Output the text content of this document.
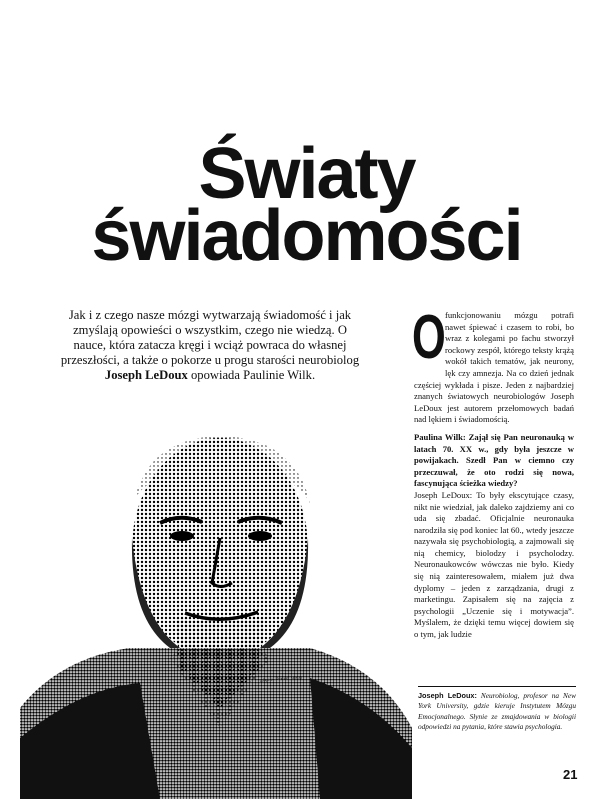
Światy
świadomości
Jak i z czego nasze mózgi wytwarzają świadomość i jak zmyślają opowieści o wszystkim, czego nie wiedzą. O nauce, która zatacza kręgi i wciąż powraca do własnej przeszłości, a także o pokorze u progu starości neurobiolog Joseph LeDoux opowiada Paulinie Wilk.
zdjęcie: Dariusz Streba
O funkcjonowaniu mózgu potrafi nawet śpiewać i czasem to robi, bo wraz z kolegami po fachu stworzył rockowy zespół, którego teksty krążą wokół takich tematów, jak neurony, lęk czy amnezja. Na co dzień jednak częściej wykłada i pisze. Jeden z najbardziej znanych światowych neurobiologów Joseph LeDoux jest autorem przełomowych badań nad lękiem i świadomością.

Paulina Wilk: Zajął się Pan neuronauką w latach 70. XX w., gdy była jeszcze w powijakach. Szedł Pan w ciemno czy przeczuwał, że oto rodzi się nowa, fascynująca ścieżka wiedzy?

Joseph LeDoux: To były ekscytujące czasy, nikt nie wiedział, jak daleko zajdziemy ani co uda się zbadać. Oficjalnie neuronauka narodziła się pod koniec lat 60., wtedy jeszcze nazywała się psychobiologią, a zajmowali się nią chemicy, biolodzy i psycholodzy. Neuronaukowców wówczas nie było. Kiedy się nią zainteresowałem, miałem już dwa dyplomy – jeden z zarządzania, drugi z marketingu. Zapisałem się na zajęcia z psychologii „Uczenie się i motywacja”. Myślałem, że dzięki temu więcej dowiem się o tym, jak ludzie

Joseph LeDoux: Neurobiolog, profesor na New York University, gdzie kieruje Instytutem Mózgu Emocjonalnego. Słynie ze zmajdowania w biologii odpowiedzi na pytania, które stawia psychologia.
21
